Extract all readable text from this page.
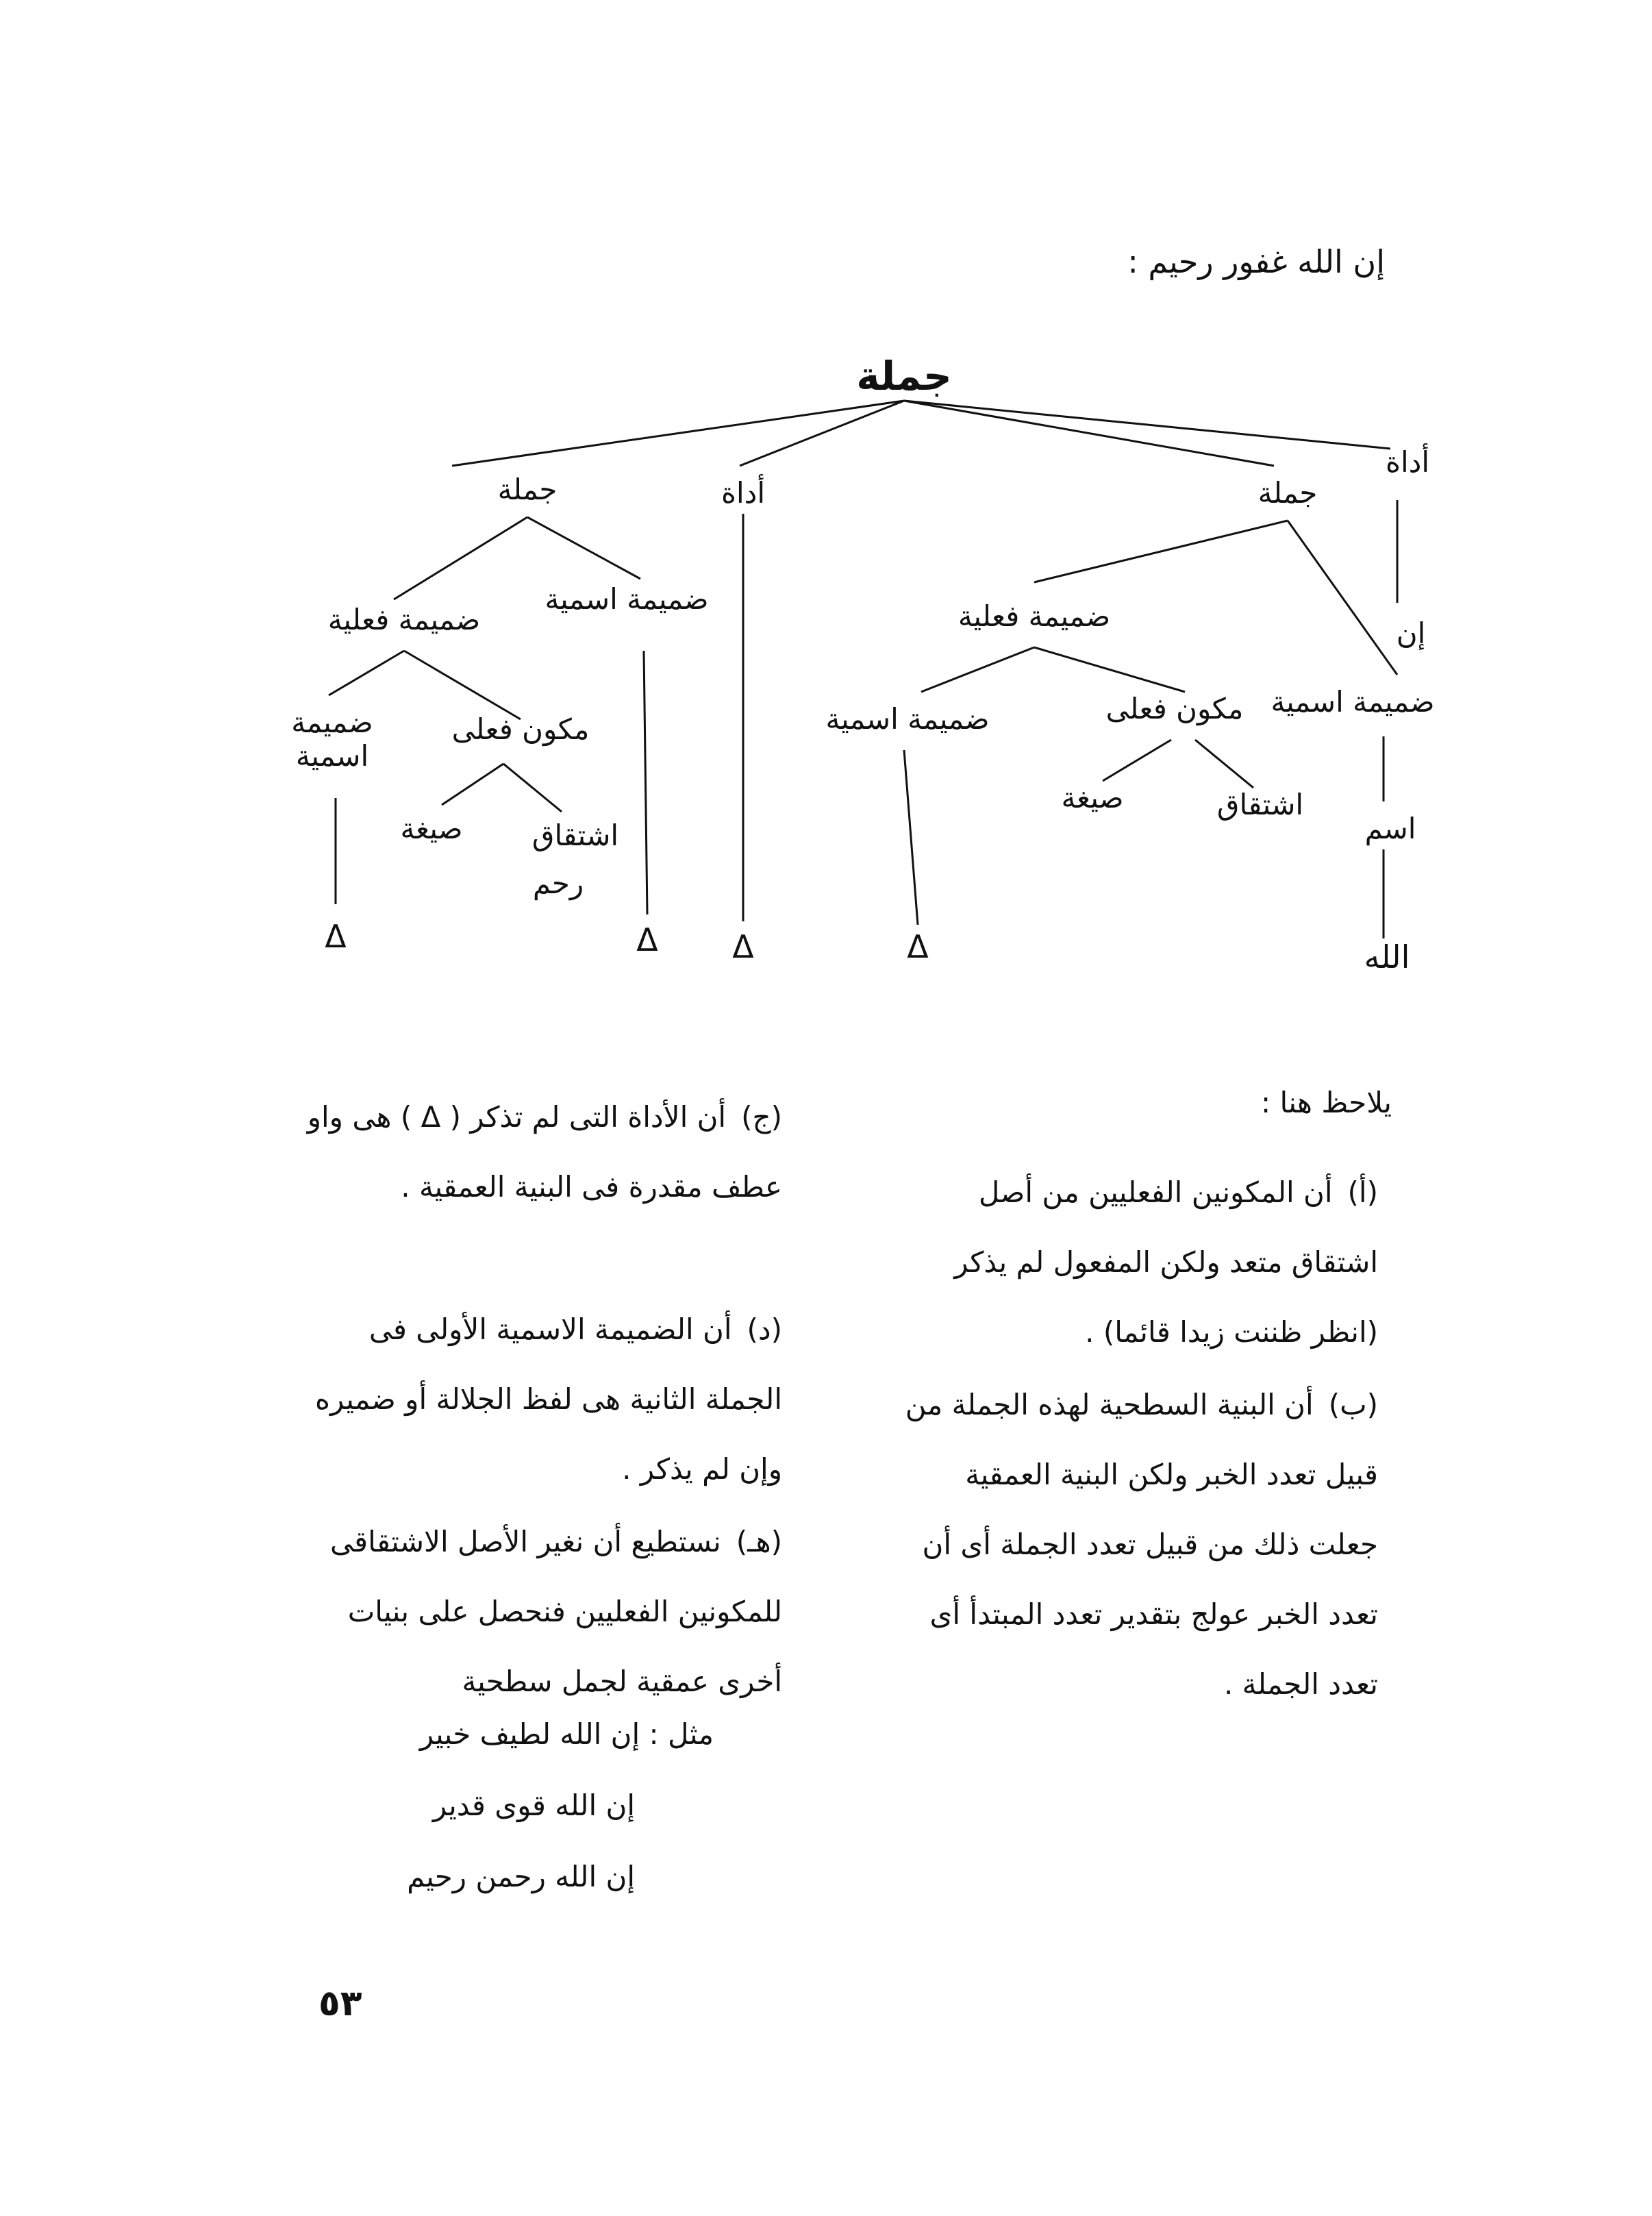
إن الله غفور رحيم :
جملة
أداة
جملة
أداة
جملة
إن
ضميمة اسمية
اسم
ضميمة فعلية
مكون فعلى
اشتقاق
صيغة
ضميمة اسمية
ضميمة اسمية
ضميمة فعلية
مكون فعلى
ضميمة اسمية
اشتقاق
رحم
صيغة
الله
Δ
Δ
Δ
Δ
يلاحظ هنا :
(أ)
أن المكونين الفعليين من أصل اشتقاق متعد ولكن المفعول لم يذكر (انظر ظننت زيدا قائما) .
(ب)
أن البنية السطحية لهذه الجملة من قبيل تعدد الخبر ولكن البنية العمقية جعلت ذلك من قبيل تعدد الجملة أى أن تعدد الخبر عولج بتقدير تعدد المبتدأ أى تعدد الجملة .
(ج)
أن الأداة التى لم تذكر ( Δ ) هى واو عطف مقدرة فى البنية العمقية .
(د)
أن الضميمة الاسمية الأولى فى الجملة الثانية هى لفظ الجلالة أو ضميره وإن لم يذكر .
(هـ)
نستطيع أن نغير الأصل الاشتقاقى للمكونين الفعليين فنحصل على بنيات أخرى عمقية لجمل سطحية
مثل : إن الله لطيف خبير
إن الله قوى قدير
إن الله رحمن رحيم
٥٣
